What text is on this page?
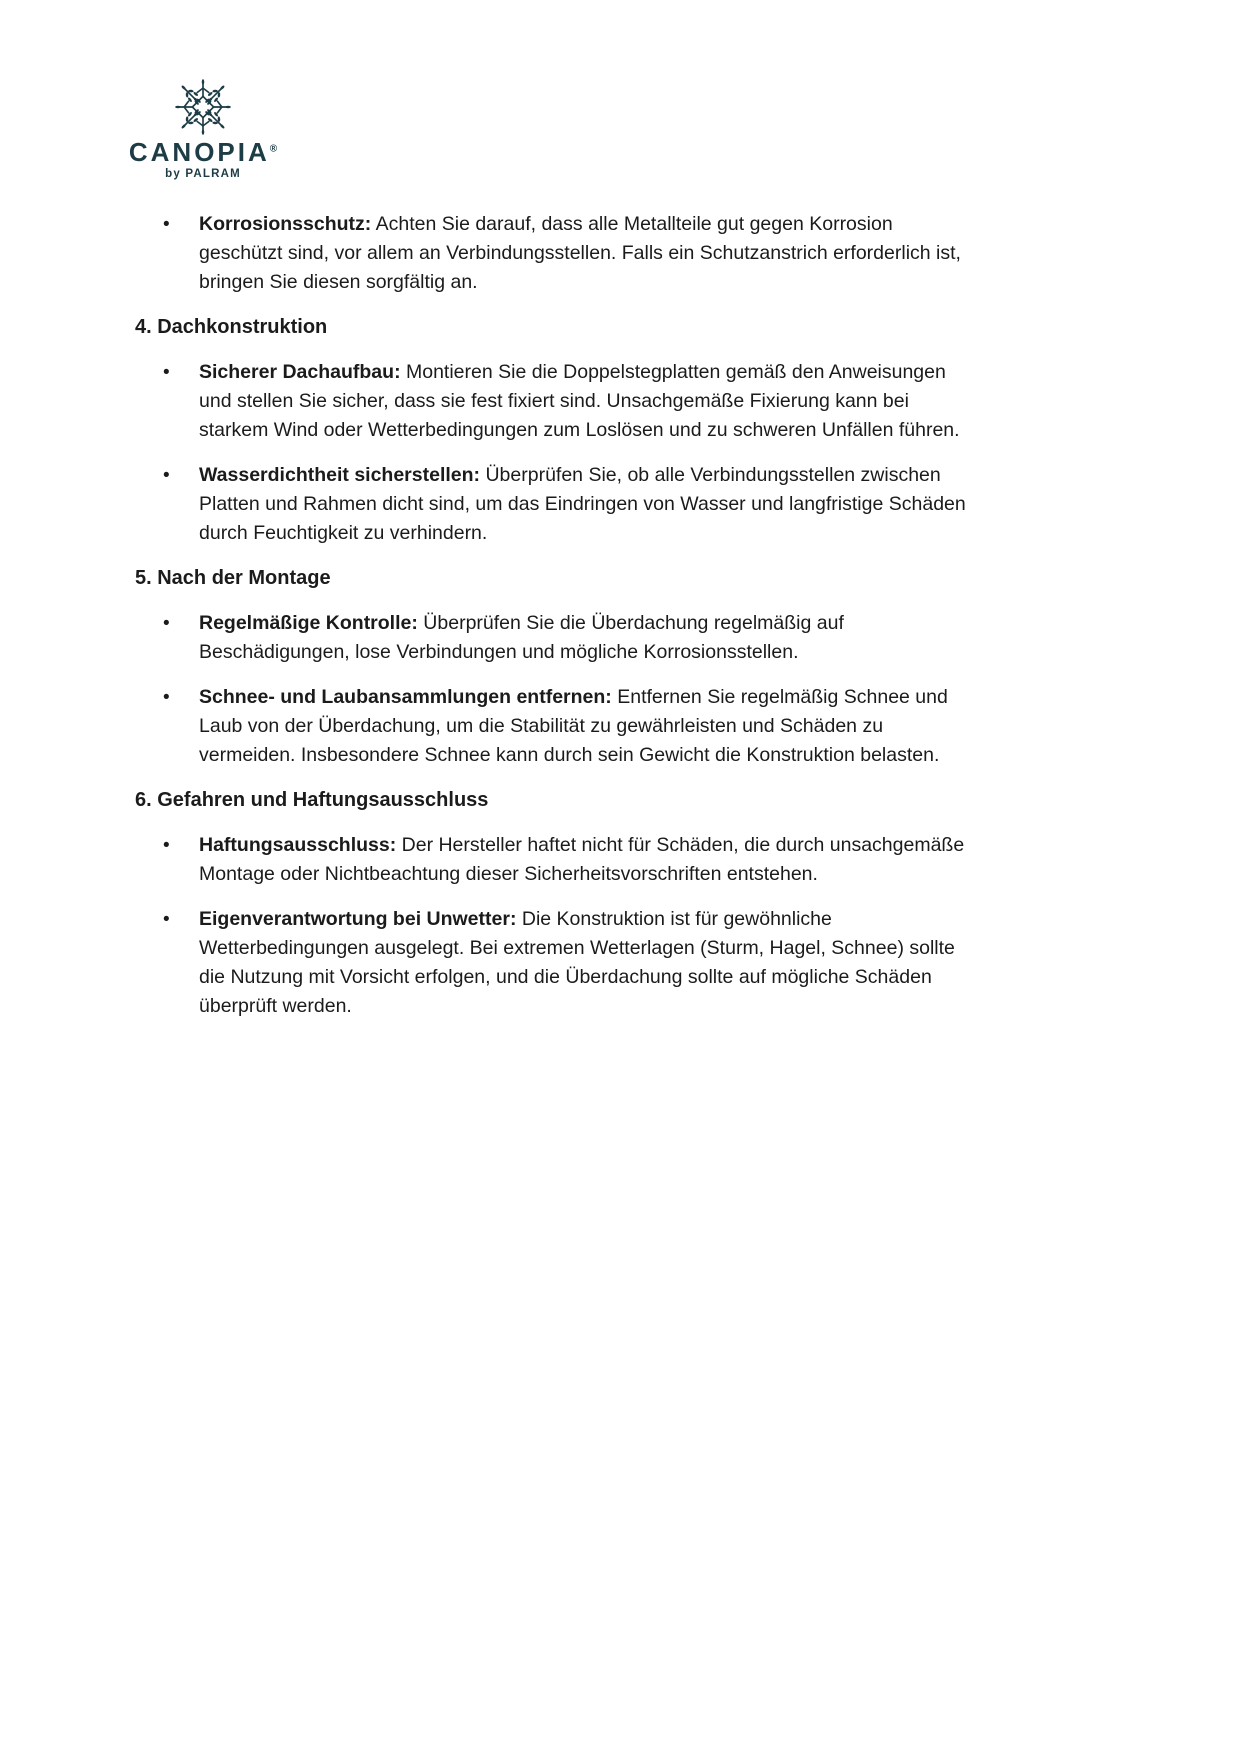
CANOPIA®
by PALRAM
•	Korrosionsschutz: Achten Sie darauf, dass alle Metallteile gut gegen Korrosion geschützt sind, vor allem an Verbindungsstellen. Falls ein Schutzanstrich erforderlich ist, bringen Sie diesen sorgfältig an.

4. Dachkonstruktion
•	Sicherer Dachaufbau: Montieren Sie die Doppelstegplatten gemäß den Anweisungen und stellen Sie sicher, dass sie fest fixiert sind. Unsachgemäße Fixierung kann bei starkem Wind oder Wetterbedingungen zum Loslösen und zu schweren Unfällen führen.

•	Wasserdichtheit sicherstellen: Überprüfen Sie, ob alle Verbindungsstellen zwischen Platten und Rahmen dicht sind, um das Eindringen von Wasser und langfristige Schäden durch Feuchtigkeit zu verhindern.

5. Nach der Montage
•	Regelmäßige Kontrolle: Überprüfen Sie die Überdachung regelmäßig auf Beschädigungen, lose Verbindungen und mögliche Korrosionsstellen.

•	Schnee- und Laubansammlungen entfernen: Entfernen Sie regelmäßig Schnee und Laub von der Überdachung, um die Stabilität zu gewährleisten und Schäden zu vermeiden. Insbesondere Schnee kann durch sein Gewicht die Konstruktion belasten.

6. Gefahren und Haftungsausschluss
•	Haftungsausschluss: Der Hersteller haftet nicht für Schäden, die durch unsachgemäße Montage oder Nichtbeachtung dieser Sicherheitsvorschriften entstehen.

•	Eigenverantwortung bei Unwetter: Die Konstruktion ist für gewöhnliche Wetterbedingungen ausgelegt. Bei extremen Wetterlagen (Sturm, Hagel, Schnee) sollte die Nutzung mit Vorsicht erfolgen, und die Überdachung sollte auf mögliche Schäden überprüft werden.
